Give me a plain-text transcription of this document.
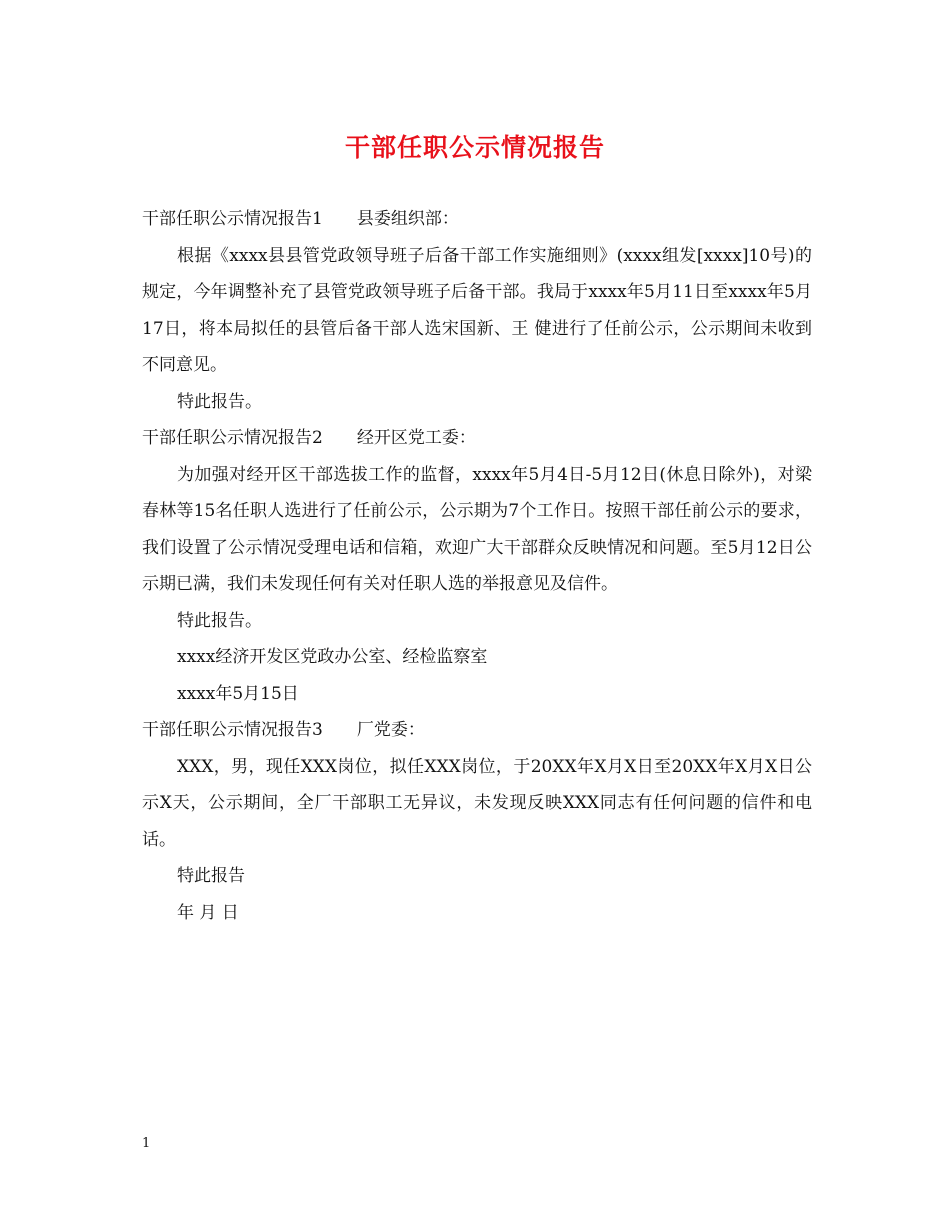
干部任职公示情况报告

干部任职公示情况报告1 县委组织部：

根据《xxxx县县管党政领导班子后备干部工作实施细则》(xxxx组发[xxxx]10号)的规定，今年调整补充了县管党政领导班子后备干部。我局于xxxx年5月11日至xxxx年5月17日，将本局拟任的县管后备干部人选宋国新、王 健进行了任前公示，公示期间未收到不同意见。

特此报告。

干部任职公示情况报告2 经开区党工委：

为加强对经开区干部选拔工作的监督，xxxx年5月4日-5月12日(休息日除外)，对梁春林等15名任职人选进行了任前公示，公示期为7个工作日。按照干部任前公示的要求，我们设置了公示情况受理电话和信箱，欢迎广大干部群众反映情况和问题。至5月12日公示期已满，我们未发现任何有关对任职人选的举报意见及信件。

特此报告。

xxxx经济开发区党政办公室、经检监察室

xxxx年5月15日

干部任职公示情况报告3 厂党委：

XXX，男，现任XXX岗位，拟任XXX岗位，于20XX年X月X日至20XX年X月X日公示X天，公示期间，全厂干部职工无异议，未发现反映XXX同志有任何问题的信件和电话。

特此报告

年 月 日

1
